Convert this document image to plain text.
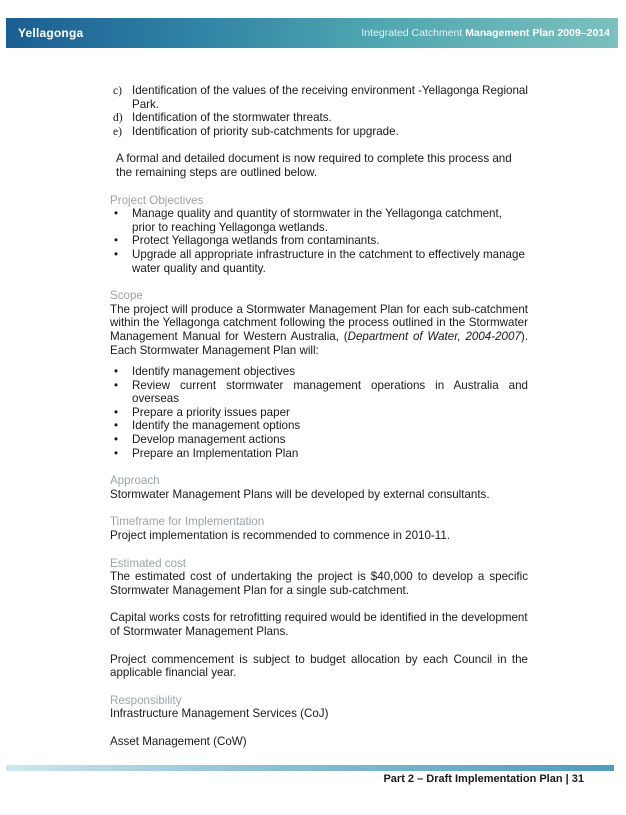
Yellagonga	Integrated Catchment Management Plan 2009–2014
c) Identification of the values of the receiving environment -Yellagonga Regional Park.
d) Identification of the stormwater threats.
e) Identification of priority sub-catchments for upgrade.

A formal and detailed document is now required to complete this process and the remaining steps are outlined below.

Project Objectives
• Manage quality and quantity of stormwater in the Yellagonga catchment, prior to reaching Yellagonga wetlands.
• Protect Yellagonga wetlands from contaminants.
• Upgrade all appropriate infrastructure in the catchment to effectively manage water quality and quantity.
Scope

The project will produce a Stormwater Management Plan for each sub-catchment within the Yellagonga catchment following the process outlined in the Stormwater Management Manual for Western Australia, (Department of Water, 2004-2007). Each Stormwater Management Plan will:

• Identify management objectives
• Review current stormwater management operations in Australia and overseas
• Prepare a priority issues paper
• Identify the management options
• Develop management actions
• Prepare an Implementation Plan
Approach

Stormwater Management Plans will be developed by external consultants.

Timeframe for Implementation

Project implementation is recommended to commence in 2010-11.

Estimated cost

The estimated cost of undertaking the project is $40,000 to develop a specific Stormwater Management Plan for a single sub-catchment.

Capital works costs for retrofitting required would be identified in the development of Stormwater Management Plans.

Project commencement is subject to budget allocation by each Council in the applicable financial year.

Responsibility

Infrastructure Management Services (CoJ)

Asset Management (CoW)

Part 2 – Draft Implementation Plan | 31
